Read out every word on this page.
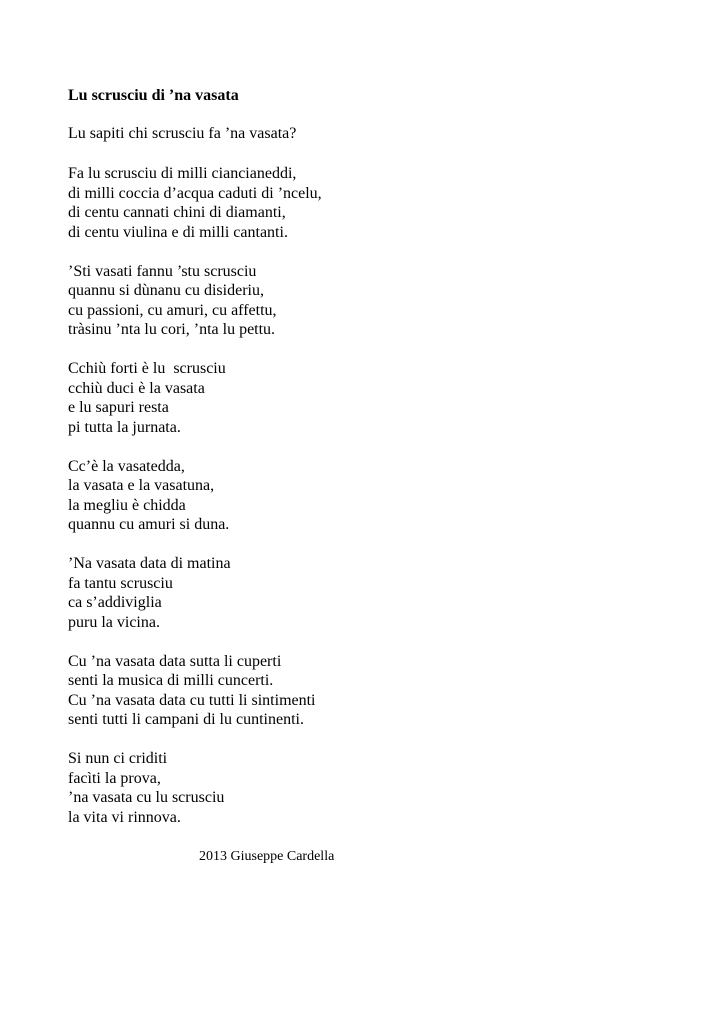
Lu scrusciu di ’na vasata

Lu sapiti chi scrusciu fa ’na vasata?

Fa lu scrusciu di milli ciancianeddi,
di milli coccia d’acqua caduti di ’ncelu,
di centu cannati chini di diamanti,
di centu viulina e di milli cantanti.
’Sti vasati fannu ’stu scrusciu
quannu si dùnanu cu disideriu,
cu passioni, cu amuri, cu affettu,
tràsinu ’nta lu cori, ’nta lu pettu.
Cchiù forti è lu  scrusciu
cchiù duci è la vasata
e lu sapuri resta
pi tutta la jurnata.
Cc’è la vasatedda,
la vasata e la vasatuna,
la megliu è chidda
quannu cu amuri si duna.
’Na vasata data di matina
fa tantu scrusciu
ca s’addiviglia
puru la vicina.
Cu ’na vasata data sutta li cuperti
senti la musica di milli cuncerti.
Cu ’na vasata data cu tutti li sintimenti
senti tutti li campani di lu cuntinenti.
Si nun ci criditi
facìti la prova,
’na vasata cu lu scrusciu
la vita vi rinnova.

2013 Giuseppe Cardella
